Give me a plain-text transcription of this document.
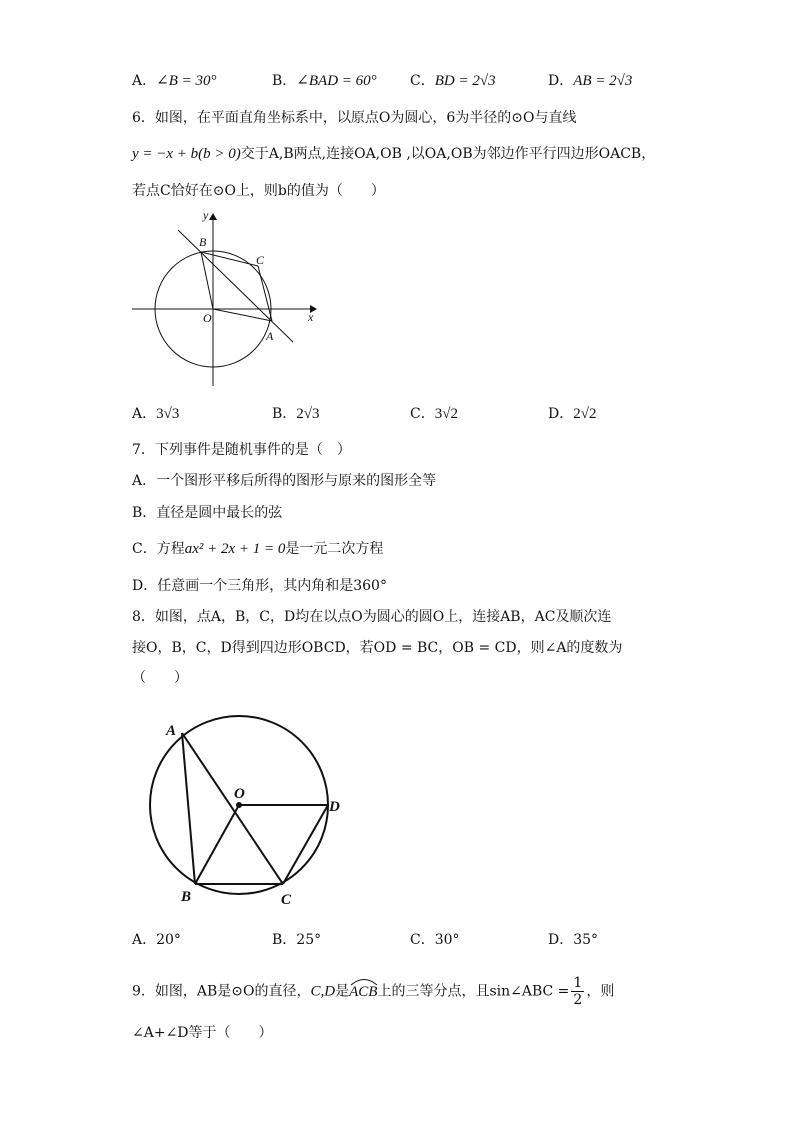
A．∠B = 30°	B．∠BAD = 60° C．BD = 2√3	D．AB = 2√3
6．如图，在平面直角坐标系中，以原点O为圆心，6为半径的⊙O与直线
y = −x + b(b > 0)交于A,B两点,连接OA,OB ,以OA,OB为邻边作平行四边形OACB，
若点C恰好在⊙O上，则b的值为（　　）
y
x
O
A
B
C
A．3√3	B．2√3	C．3√2	D．2√2
7．下列事件是随机事件的是（　）
A．一个图形平移后所得的图形与原来的图形全等
B．直径是圆中最长的弦
C．方程ax² + 2x + 1 = 0是一元二次方程
D．任意画一个三角形，其内角和是360°
8．如图，点A，B，C，D均在以点O为圆心的圆O上，连接AB，AC及顺次连
接O，B，C，D得到四边形OBCD，若OD = BC，OB = CD，则∠A的度数为
（　　）
A
O
D
B	C
A．20°	B．25°	C．30°	D．35°
9．如图，AB是⊙O的直径，C,D是ACB
上的三等分点，且sin∠ABC = $\frac{1}{2}$ ，则
∠A+∠D等于（　　）
